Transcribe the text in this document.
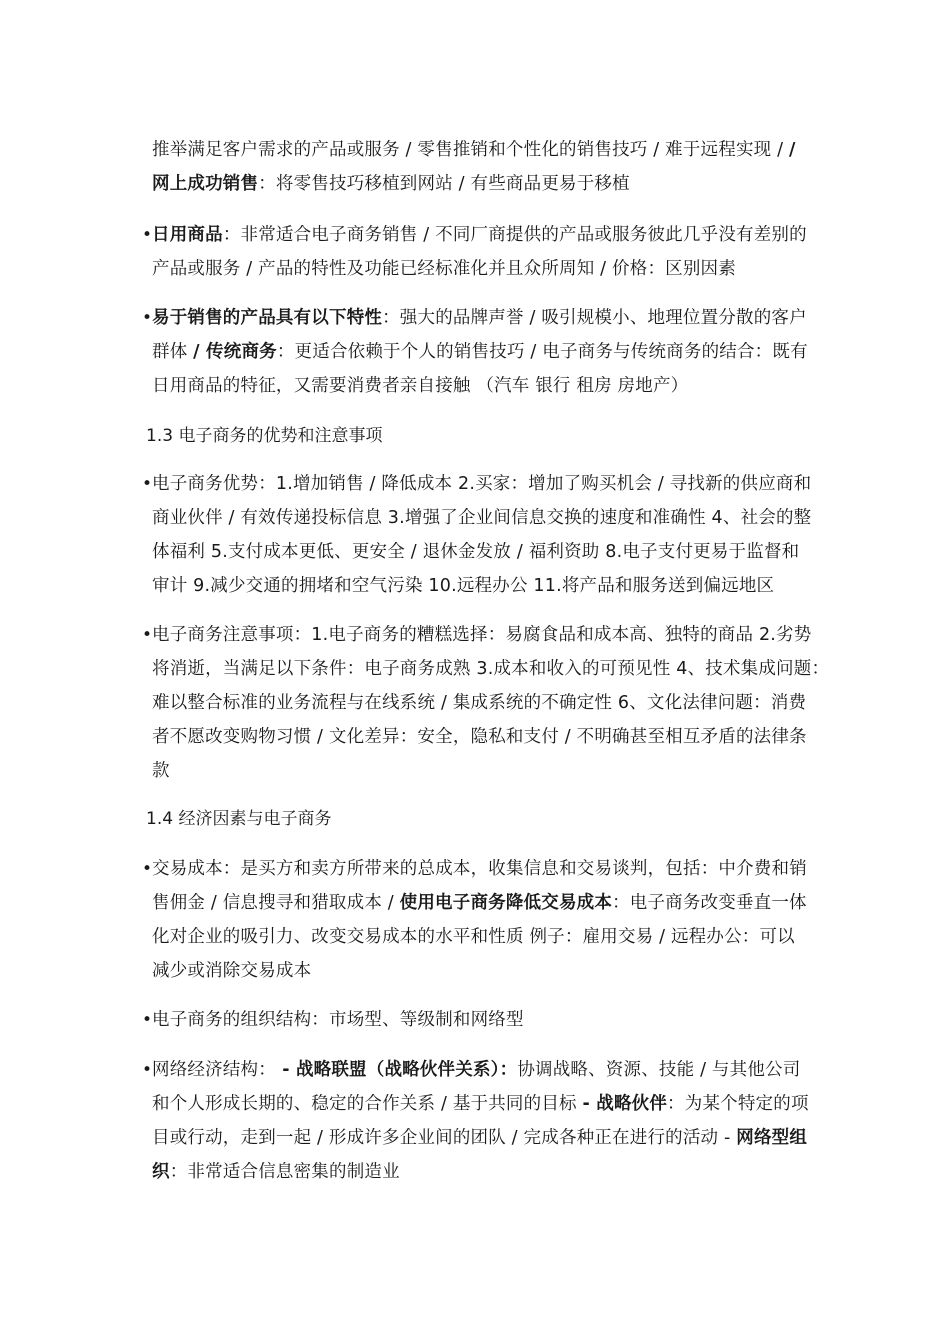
推举满足客户需求的产品或服务 / 零售推销和个性化的销售技巧 / 难于远程实现 / /
网上成功销售：将零售技巧移植到网站 / 有些商品更易于移植
• 日用商品：非常适合电子商务销售 / 不同厂商提供的产品或服务彼此几乎没有差别的
产品或服务 / 产品的特性及功能已经标准化并且众所周知 / 价格：区别因素
• 易于销售的产品具有以下特性：强大的品牌声誉 / 吸引规模小、地理位置分散的客户
群体 / 传统商务：更适合依赖于个人的销售技巧 / 电子商务与传统商务的结合：既有
日用商品的特征，又需要消费者亲自接触 （汽车 银行 租房 房地产）
1.3 电子商务的优势和注意事项
• 电子商务优势：1.增加销售 / 降低成本 2.买家：增加了购买机会 / 寻找新的供应商和
商业伙伴 / 有效传递投标信息 3.增强了企业间信息交换的速度和准确性 4、社会的整
体福利 5.支付成本更低、更安全 / 退休金发放 / 福利资助 8.电子支付更易于监督和
审计 9.减少交通的拥堵和空气污染 10.远程办公 11.将产品和服务送到偏远地区
• 电子商务注意事项：1.电子商务的糟糕选择：易腐食品和成本高、独特的商品 2.劣势
将消逝，当满足以下条件：电子商务成熟 3.成本和收入的可预见性 4、技术集成问题：
难以整合标准的业务流程与在线系统 / 集成系统的不确定性 6、文化法律问题：消费
者不愿改变购物习惯 / 文化差异：安全，隐私和支付 / 不明确甚至相互矛盾的法律条
款
1.4 经济因素与电子商务
• 交易成本：是买方和卖方所带来的总成本，收集信息和交易谈判，包括：中介费和销
售佣金 / 信息搜寻和猎取成本 / 使用电子商务降低交易成本：电子商务改变垂直一体
化对企业的吸引力、改变交易成本的水平和性质 例子：雇用交易 / 远程办公：可以
减少或消除交易成本
• 电子商务的组织结构：市场型、等级制和网络型
• 网络经济结构： - 战略联盟（战略伙伴关系）：协调战略、资源、技能 / 与其他公司
和个人形成长期的、稳定的合作关系 / 基于共同的目标 - 战略伙伴：为某个特定的项
目或行动，走到一起 / 形成许多企业间的团队 / 完成各种正在进行的活动 - 网络型组
织：非常适合信息密集的制造业
